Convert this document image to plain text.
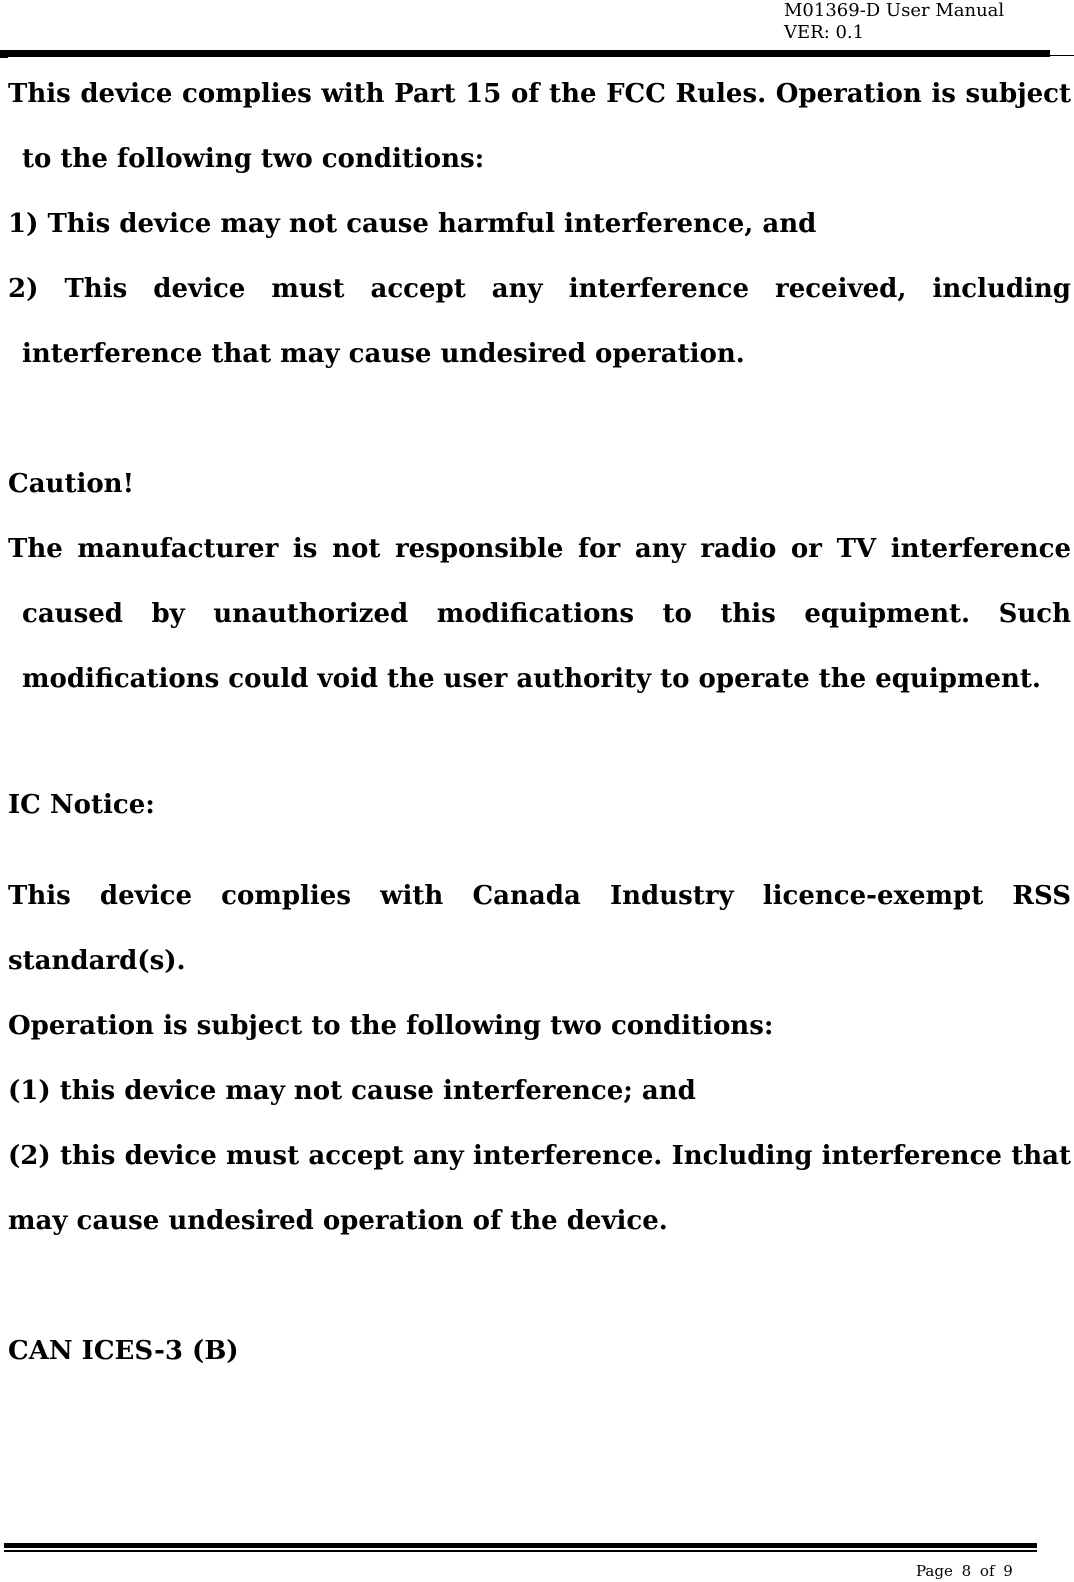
M01369-D User Manual
VER: 0.1

This device complies with Part 15 of the FCC Rules. Operation is subject to the following two conditions:

1) This device may not cause harmful interference, and

2) This device must accept any interference received, including interference that may cause undesired operation.

Caution!

The manufacturer is not responsible for any radio or TV interference caused by unauthorized modifications to this equipment. Such modifications could void the user authority to operate the equipment.

IC Notice:

This device complies with Canada Industry licence-exempt RSS standard(s).

Operation is subject to the following two conditions:

(1) this device may not cause interference; and

(2) this device must accept any interference. Including interference that may cause undesired operation of the device.

CAN ICES-3 (B)

Page 8 of 9
